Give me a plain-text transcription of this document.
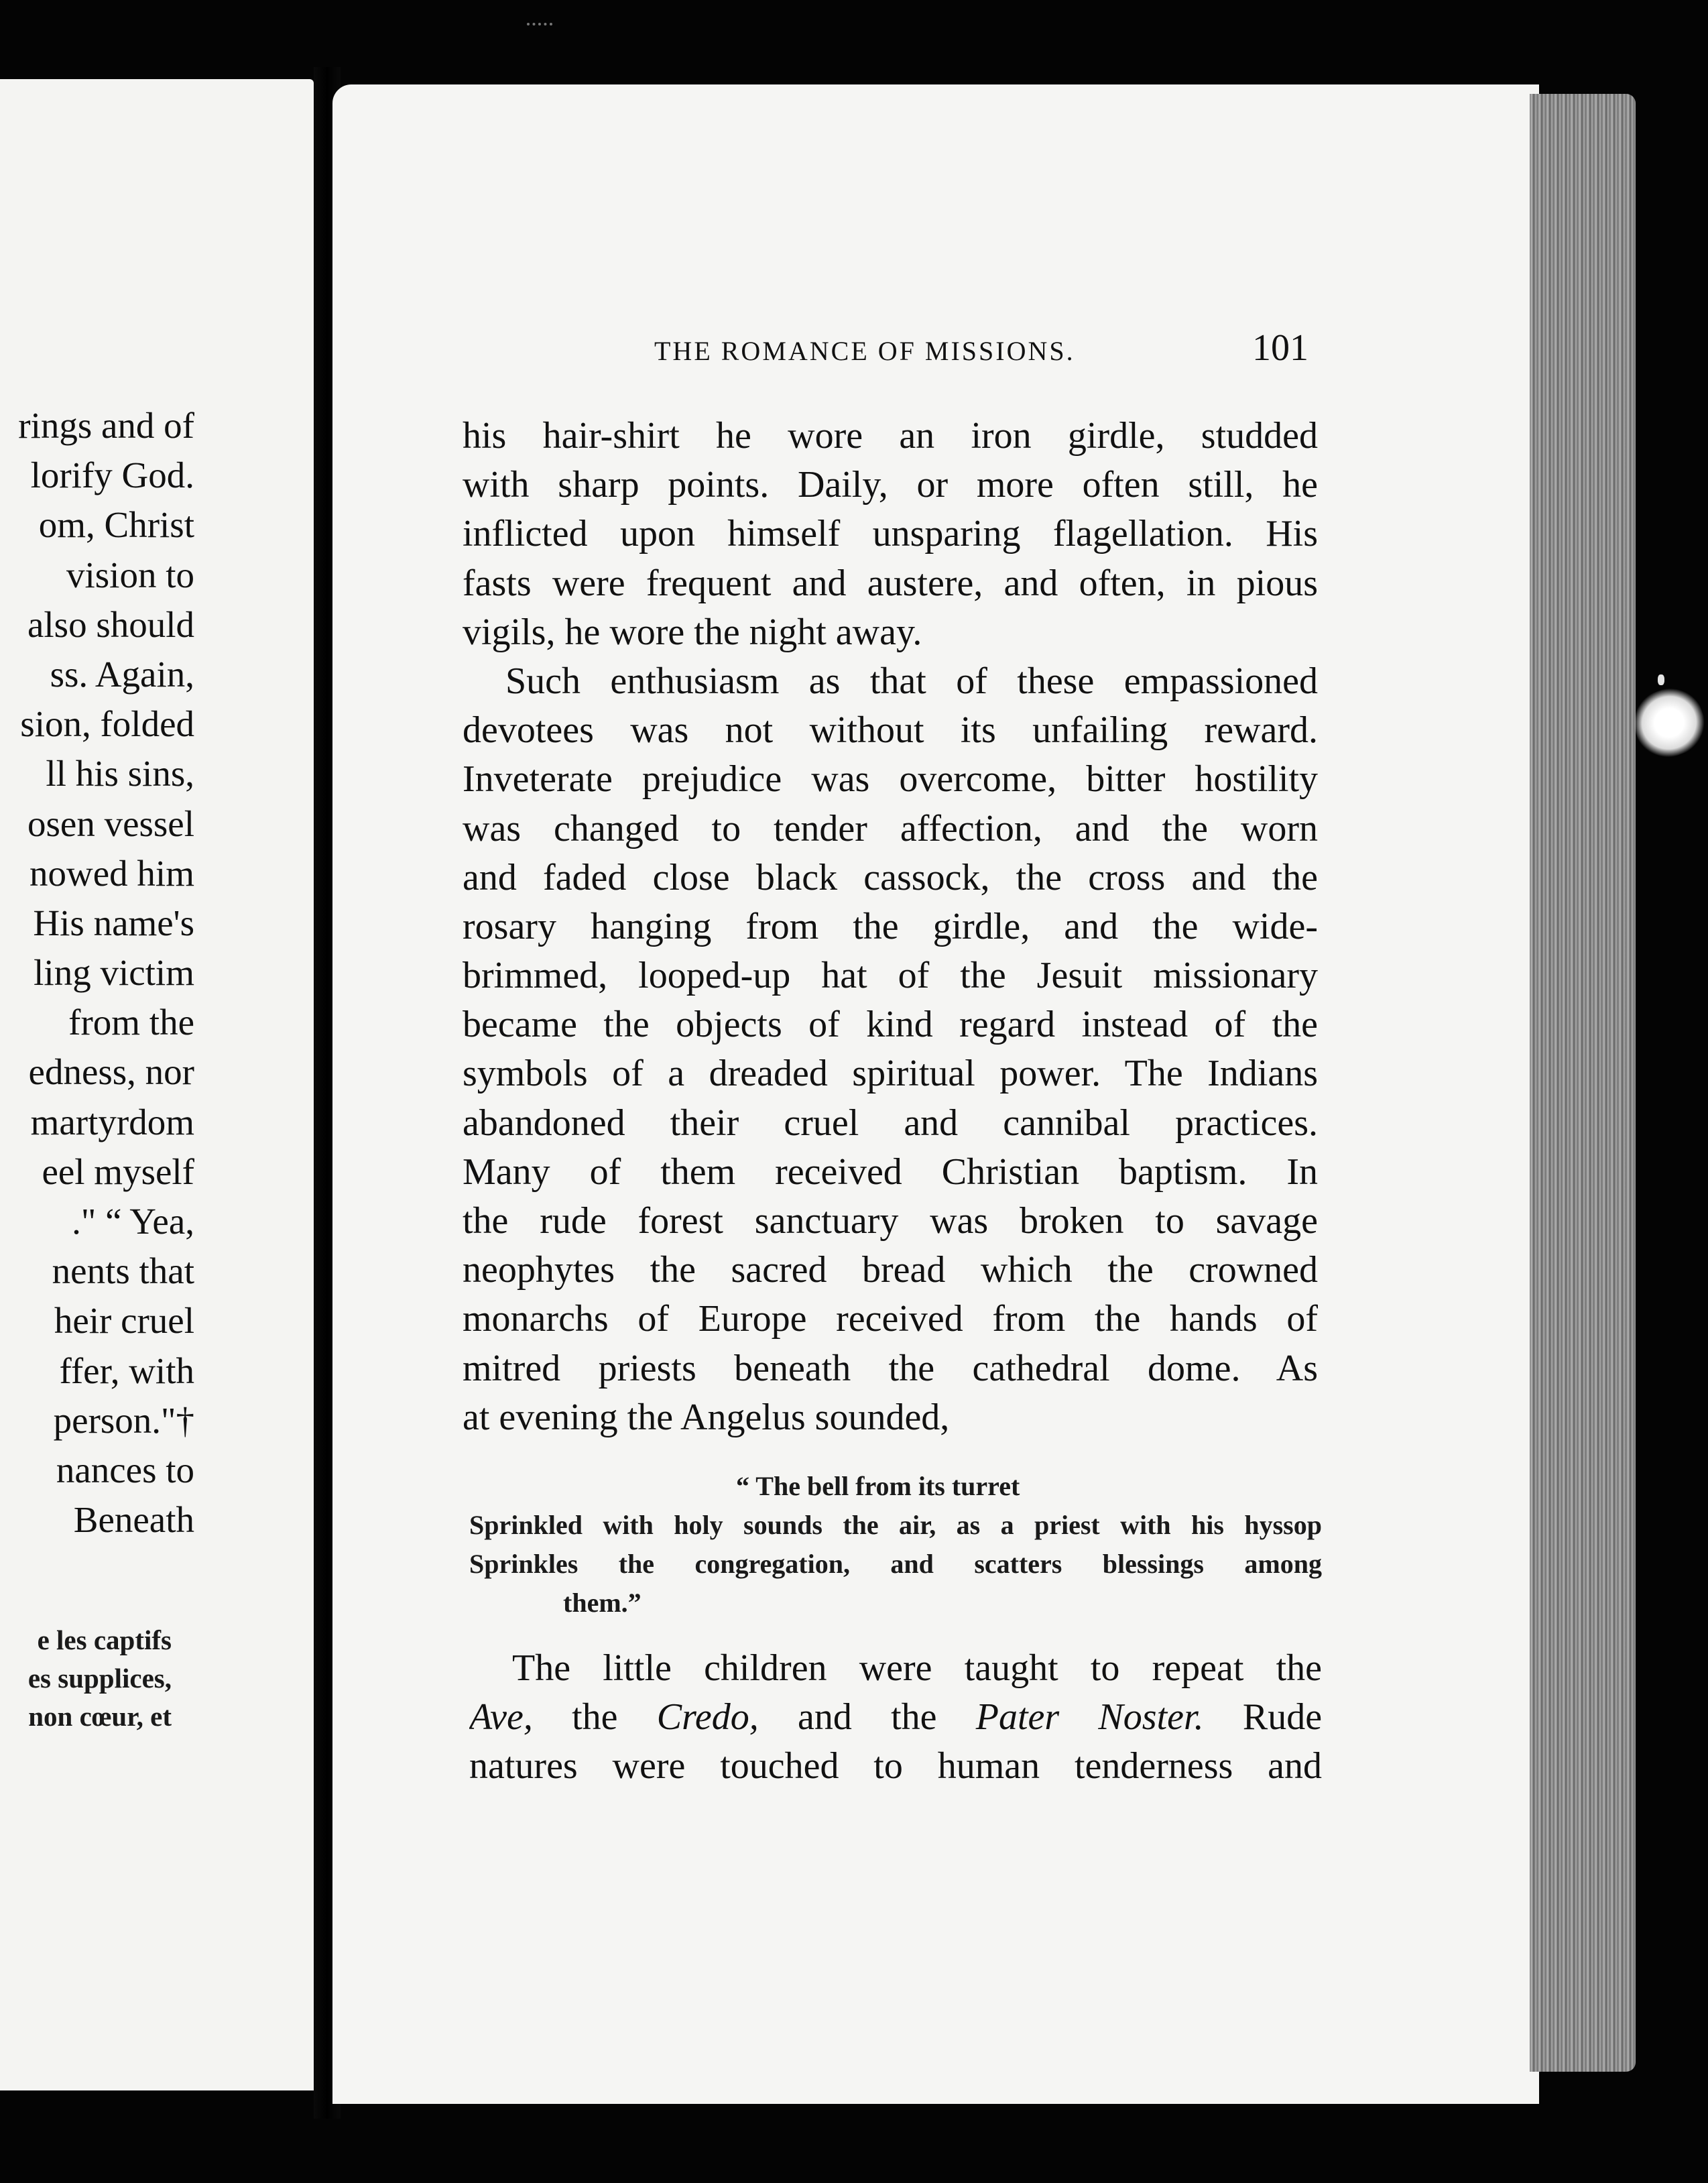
rings and of
lorify God.
om, Christ
vision to
also should
ss. Again,
sion, folded
ll his sins,
osen vessel
nowed him
His name's
ling victim
from the
edness, nor
martyrdom
eel myself
." “ Yea,
nents that
heir cruel
ffer, with
person."†
nances to
Beneath
e les captifs
es supplices,
non cœur, et
THE ROMANCE OF MISSIONS.	101
his hair-shirt he wore an iron girdle, studded
with sharp points. Daily, or more often still, he
inflicted upon himself unsparing flagellation. His
fasts were frequent and austere, and often, in pious
vigils, he wore the night away.
Such enthusiasm as that of these empassioned
devotees was not without its unfailing reward.
Inveterate prejudice was overcome, bitter hostility
was changed to tender affection, and the worn
and faded close black cassock, the cross and the
rosary hanging from the girdle, and the wide-
brimmed, looped-up hat of the Jesuit missionary
became the objects of kind regard instead of the
symbols of a dreaded spiritual power. The Indians
abandoned their cruel and cannibal practices.
Many of them received Christian baptism. In
the rude forest sanctuary was broken to savage
neophytes the sacred bread which the crowned
monarchs of Europe received from the hands of
mitred priests beneath the cathedral dome. As
at evening the Angelus sounded,
“ The bell from its turret
Sprinkled with holy sounds the air, as a priest with his hyssop
Sprinkles the congregation, and scatters blessings among
them.”
The little children were taught to repeat the
Ave, the Credo, and the Pater Noster. Rude
natures were touched to human tenderness and
